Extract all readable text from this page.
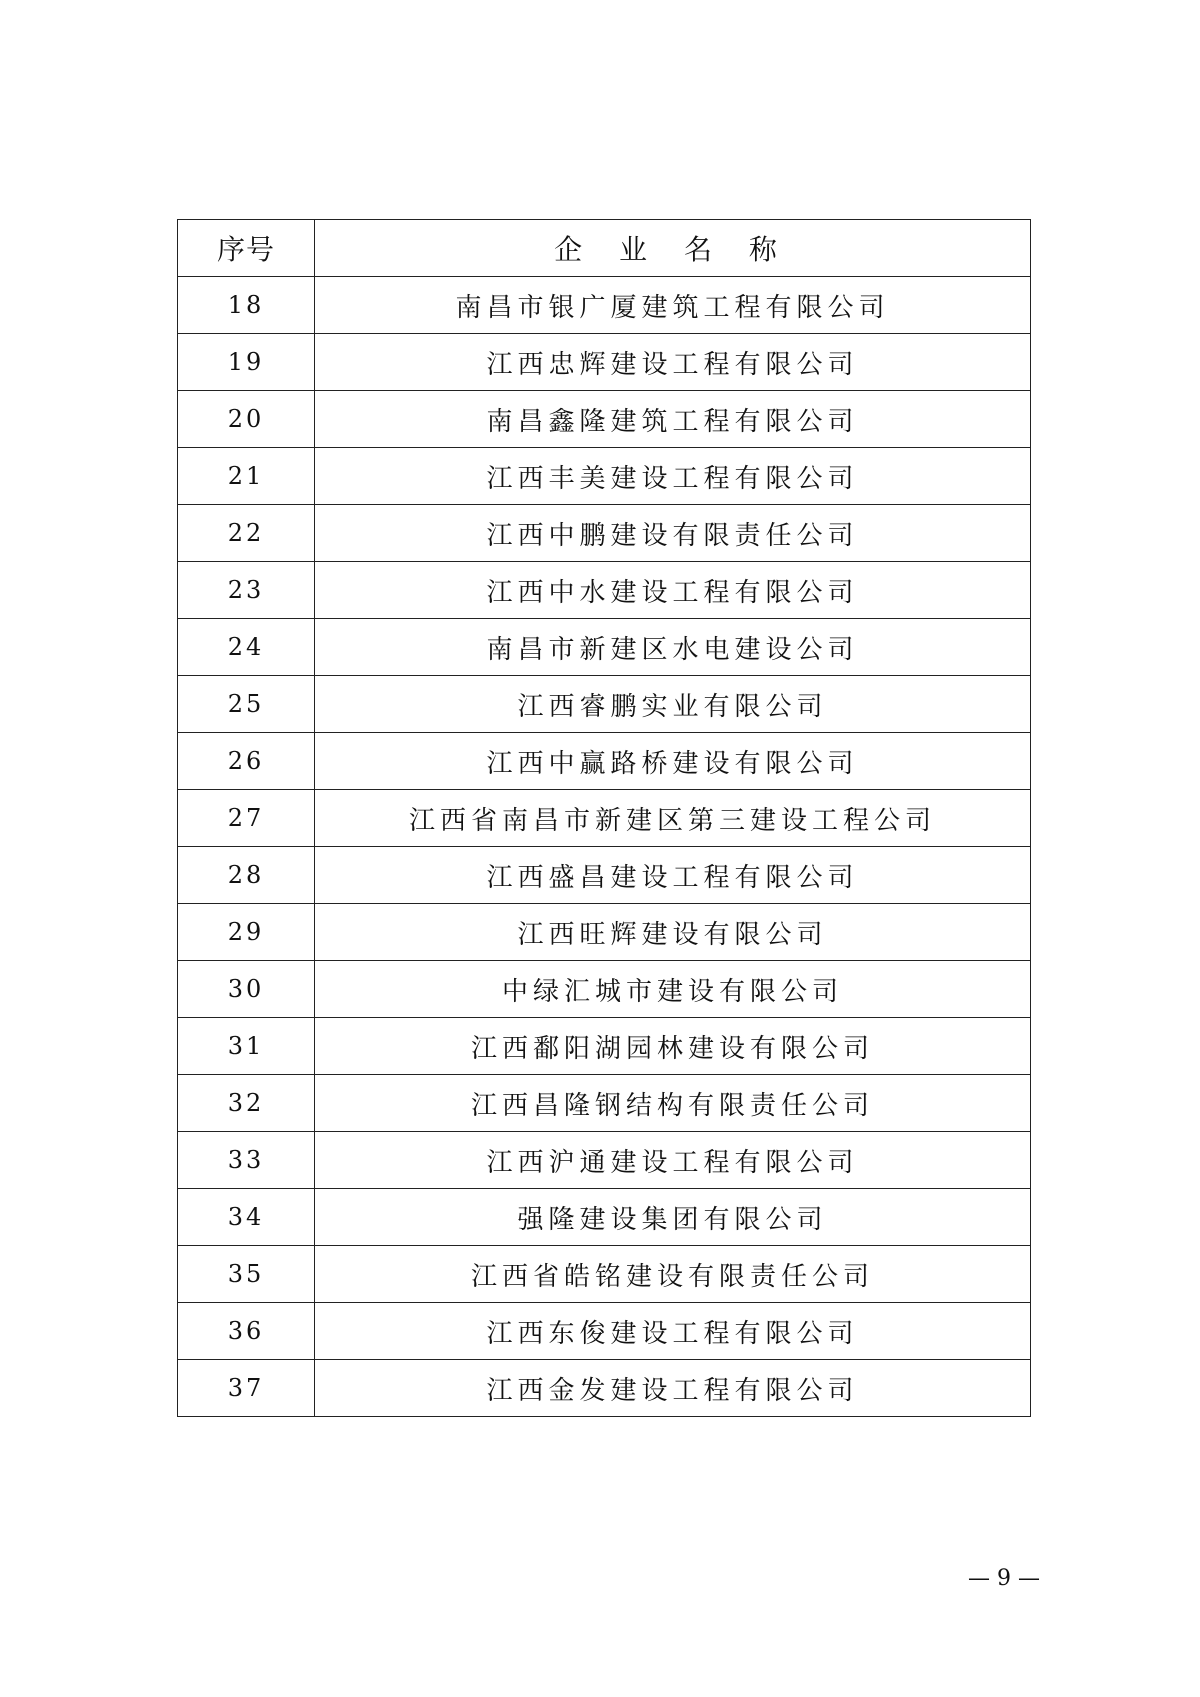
序号	企 业 名 称
18	南昌市银广厦建筑工程有限公司
19	江西忠辉建设工程有限公司
20	南昌鑫隆建筑工程有限公司
21	江西丰美建设工程有限公司
22	江西中鹏建设有限责任公司
23	江西中水建设工程有限公司
24	南昌市新建区水电建设公司
25	江西睿鹏实业有限公司
26	江西中赢路桥建设有限公司
27	江西省南昌市新建区第三建设工程公司
28	江西盛昌建设工程有限公司
29	江西旺辉建设有限公司
30	中绿汇城市建设有限公司
31	江西鄱阳湖园林建设有限公司
32	江西昌隆钢结构有限责任公司
33	江西沪通建设工程有限公司
34	强隆建设集团有限公司
35	江西省皓铭建设有限责任公司
36	江西东俊建设工程有限公司
37	江西金发建设工程有限公司
— 9 —
